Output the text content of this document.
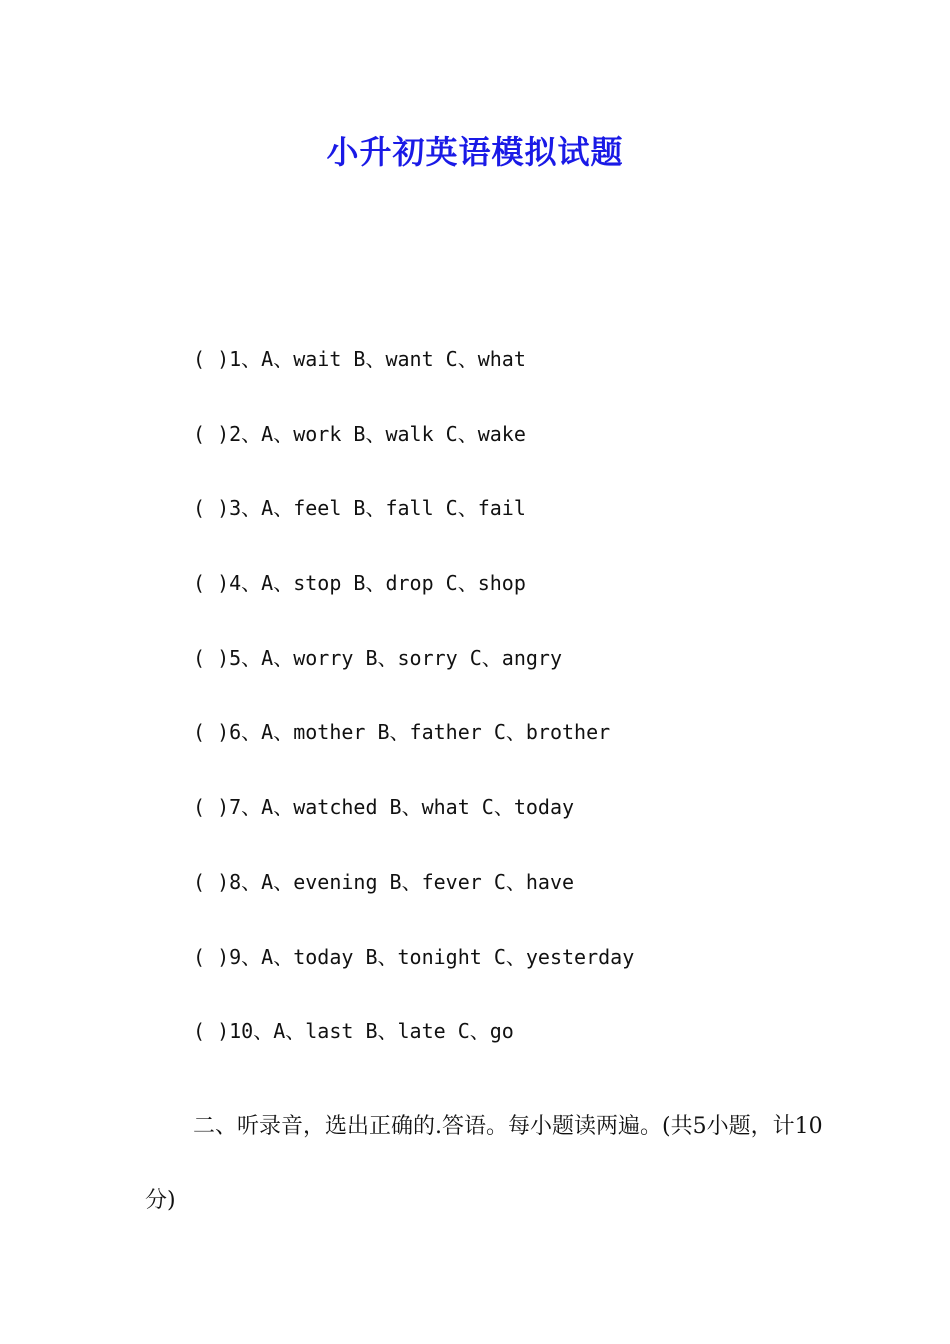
小升初英语模拟试题
( )1、A、wait B、want C、what
( )2、A、work B、walk C、wake
( )3、A、feel B、fall C、fail
( )4、A、stop B、drop C、shop
( )5、A、worry B、sorry C、angry
( )6、A、mother B、father C、brother
( )7、A、watched B、what C、today
( )8、A、evening B、fever C、have
( )9、A、today B、tonight C、yesterday
( )10、A、last B、late C、go

二、听录音，选出正确的.答语。每小题读两遍。(共5小题，计10分)
